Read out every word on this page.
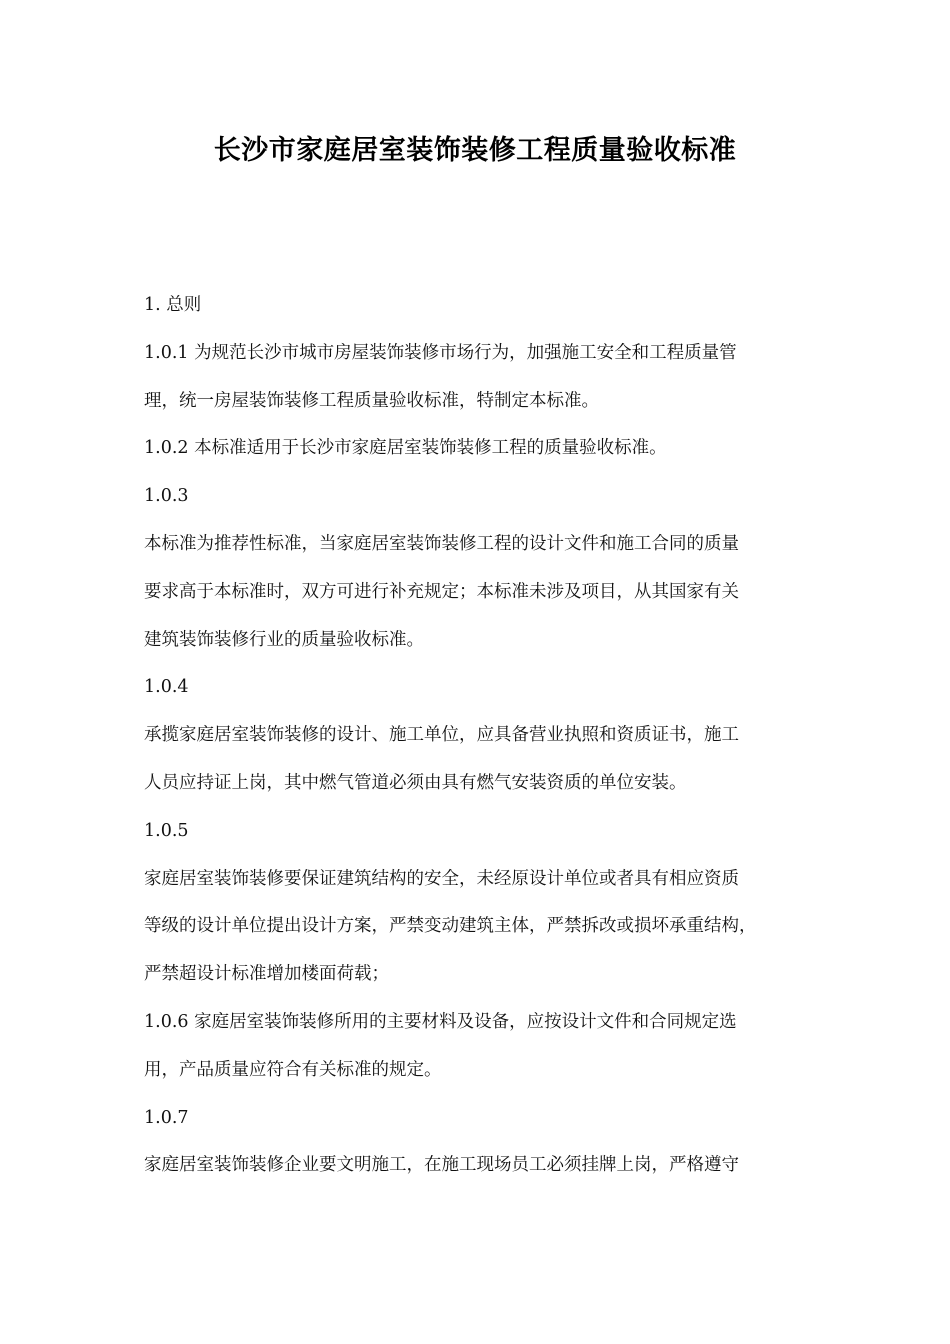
长沙市家庭居室装饰装修工程质量验收标准

1. 总则

1.0.1 为规范长沙市城市房屋装饰装修市场行为，加强施工安全和工程质量管

理，统一房屋装饰装修工程质量验收标准，特制定本标准。

1.0.2 本标准适用于长沙市家庭居室装饰装修工程的质量验收标准。

1.0.3

本标准为推荐性标准，当家庭居室装饰装修工程的设计文件和施工合同的质量

要求高于本标准时，双方可进行补充规定；本标准未涉及项目，从其国家有关

建筑装饰装修行业的质量验收标准。

1.0.4

承揽家庭居室装饰装修的设计、施工单位，应具备营业执照和资质证书，施工

人员应持证上岗，其中燃气管道必须由具有燃气安装资质的单位安装。

1.0.5

家庭居室装饰装修要保证建筑结构的安全，未经原设计单位或者具有相应资质

等级的设计单位提出设计方案，严禁变动建筑主体，严禁拆改或损坏承重结构，

严禁超设计标准增加楼面荷载；

1.0.6 家庭居室装饰装修所用的主要材料及设备，应按设计文件和合同规定选

用，产品质量应符合有关标准的规定。

1.0.7

家庭居室装饰装修企业要文明施工，在施工现场员工必须挂牌上岗，严格遵守
